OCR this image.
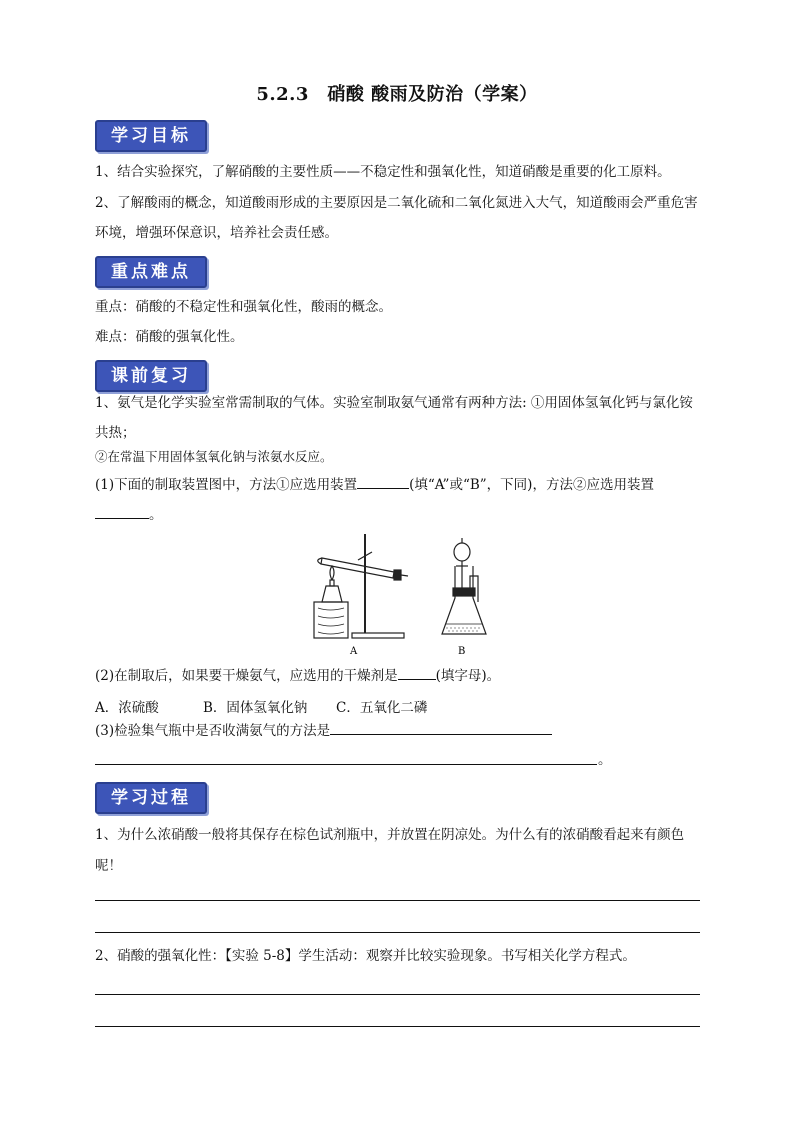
5.2.3　硝酸 酸雨及防治（学案）
学习目标
1、结合实验探究，了解硝酸的主要性质——不稳定性和强氧化性，知道硝酸是重要的化工原料。
2、了解酸雨的概念，知道酸雨形成的主要原因是二氧化硫和二氧化氮进入大气，知道酸雨会严重危害环境，增强环保意识，培养社会责任感。
重点难点
重点：硝酸的不稳定性和强氧化性，酸雨的概念。
难点：硝酸的强氧化性。
课前复习
1、氨气是化学实验室常需制取的气体。实验室制取氨气通常有两种方法: ①用固体氢氧化钙与氯化铵共热；
②在常温下用固体氢氧化钠与浓氨水反应。
(1)下面的制取装置图中，方法①应选用装置	(填“A”或“B”，下同)，方法②应选用装置
。
A	B
(2)在制取后，如果要干燥氨气，应选用的干燥剂是	(填字母)。
A．浓硫酸	B．固体氢氧化钠 C．五氧化二磷
(3)检验集气瓶中是否收满氨气的方法是
。
学习过程
1、为什么浓硝酸一般将其保存在棕色试剂瓶中，并放置在阴凉处。为什么有的浓硝酸看起来有颜色呢！
2、硝酸的强氧化性：【实验 5-8】学生活动：观察并比较实验现象。书写相关化学方程式。
